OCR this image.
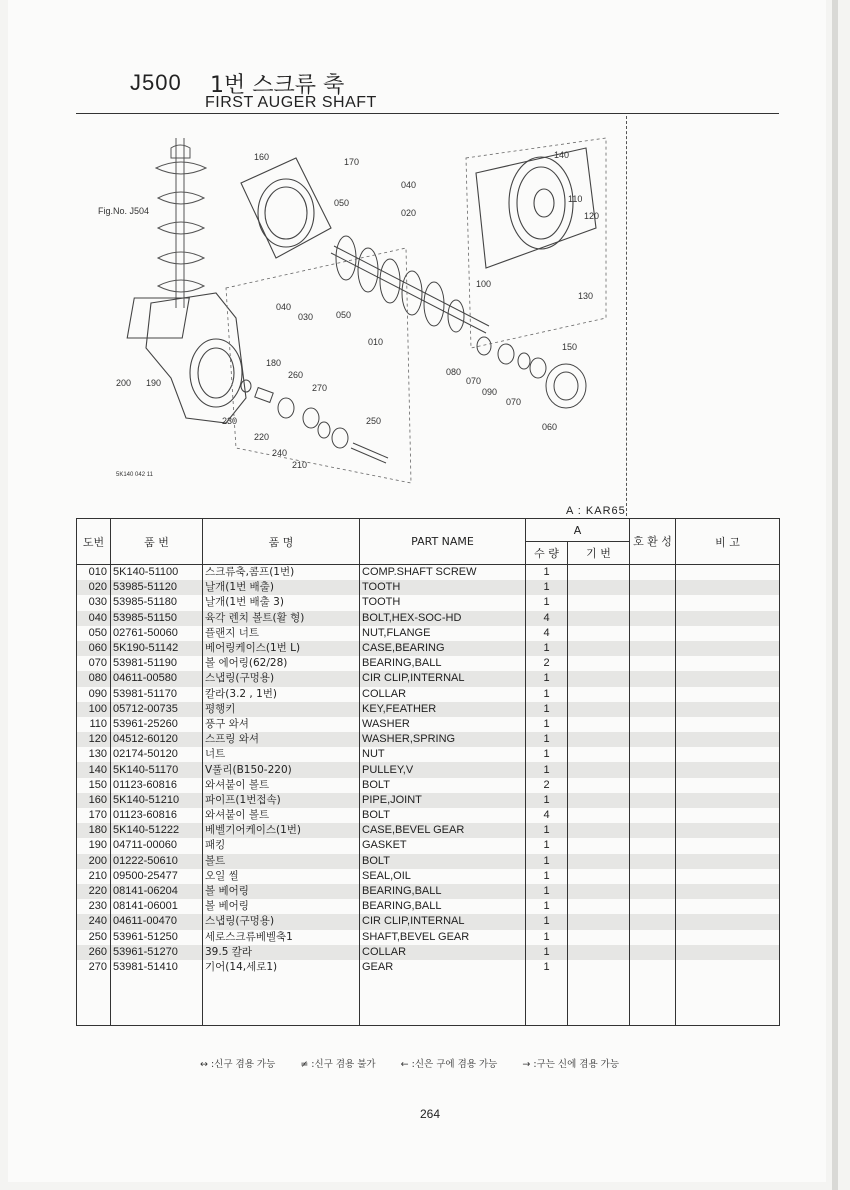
J500 1번 스크류 축
FIRST AUGER SHAFT
Fig.No. J504
160	170
140
040
050
020
110
120
130
100
040
030	050
010	150
080
070
090
070
060
180
260
270
200 190
230	250
220
240
210
5K140 042 11
A : KAR65
도번	품 번	품 명	PART NAME	A		호 환 성	비 고
				수 량	기 번		
010	5K140-51100	스크류축,콤프(1번)	COMP.SHAFT SCREW	1			
020	53985-51120	날개(1번 배출)	TOOTH	1			
030	53985-51180	날개(1번 배출 3)	TOOTH	1			
040	53985-51150	육각 렌치 볼트(활 형)	BOLT,HEX-SOC-HD	4			
050	02761-50060	플랜지 너트	NUT,FLANGE	4			
060	5K190-51142	베어링케이스(1번 L)	CASE,BEARING	1			
070	53981-51190	볼 에어링(62/28)	BEARING,BALL	2			
080	04611-00580	스냅링(구멍용)	CIR CLIP,INTERNAL	1			
090	53981-51170	칼라(3.2 , 1번)	COLLAR	1			
100	05712-00735	평행키	KEY,FEATHER	1			
110	53961-25260	풍구 와셔	WASHER	1			
120	04512-60120	스프링 와셔	WASHER,SPRING	1			
130	02174-50120	너트	NUT	1			
140	5K140-51170	V풀리(B150-220)	PULLEY,V	1			
150	01123-60816	와셔붙이 볼트	BOLT	2			
160	5K140-51210	파이프(1번접속)	PIPE,JOINT	1			
170	01123-60816	와셔붙이 볼트	BOLT	4			
180	5K140-51222	베벨기어케이스(1번)	CASE,BEVEL GEAR	1			
190	04711-00060	패킹	GASKET	1			
200	01222-50610	볼트	BOLT	1			
210	09500-25477	오일 씰	SEAL,OIL	1			
220	08141-06204	볼 베어링	BEARING,BALL	1			
230	08141-06001	볼 베어링	BEARING,BALL	1			
240	04611-00470	스냅링(구멍용)	CIR CLIP,INTERNAL	1			
250	53961-51250	세로스크류베벨축1	SHAFT,BEVEL GEAR	1			
260	53961-51270	39.5 칼라	COLLAR	1			
270	53981-51410	기어(14,세로1)	GEAR	1			

↔ :신구 겸용 가능	≠ :신구 겸용 불가	← :신은 구에 겸용 가능	→ :구는 신에 겸용 가능
264
